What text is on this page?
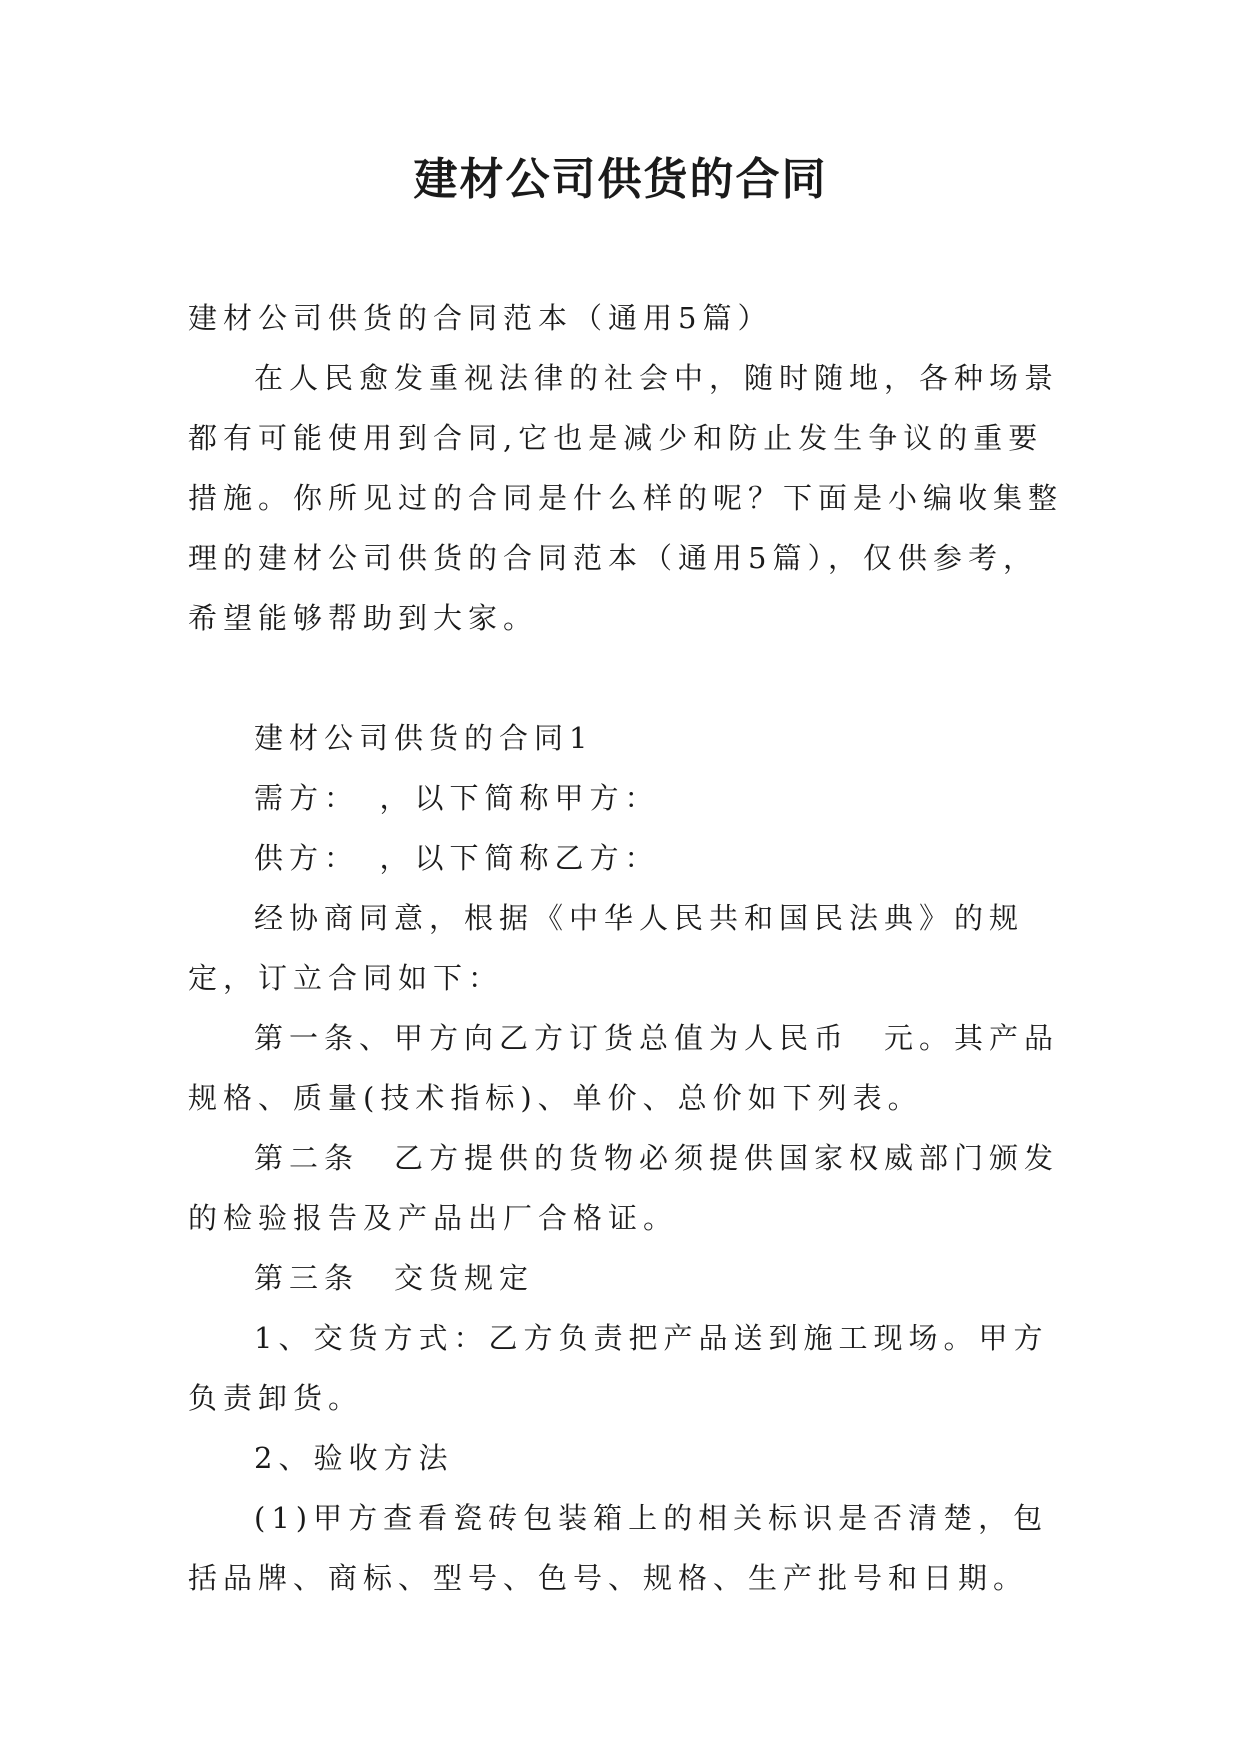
建材公司供货的合同

建材公司供货的合同范本（通用5篇）

在人民愈发重视法律的社会中，随时随地，各种场景都有可能使用到合同,它也是减少和防止发生争议的重要措施。你所见过的合同是什么样的呢？下面是小编收集整理的建材公司供货的合同范本（通用5篇），仅供参考，希望能够帮助到大家。

建材公司供货的合同1

需方：　，以下简称甲方：

供方：　，以下简称乙方：

经协商同意，根据《中华人民共和国民法典》的规定，订立合同如下：

第一条、甲方向乙方订货总值为人民币　元。其产品规格、质量(技术指标)、单价、总价如下列表。

第二条　乙方提供的货物必须提供国家权威部门颁发的检验报告及产品出厂合格证。

第三条　交货规定

1、交货方式：乙方负责把产品送到施工现场。甲方负责卸货。

2、验收方法

(1)甲方查看瓷砖包装箱上的相关标识是否清楚，包括品牌、商标、型号、色号、规格、生产批号和日期。
